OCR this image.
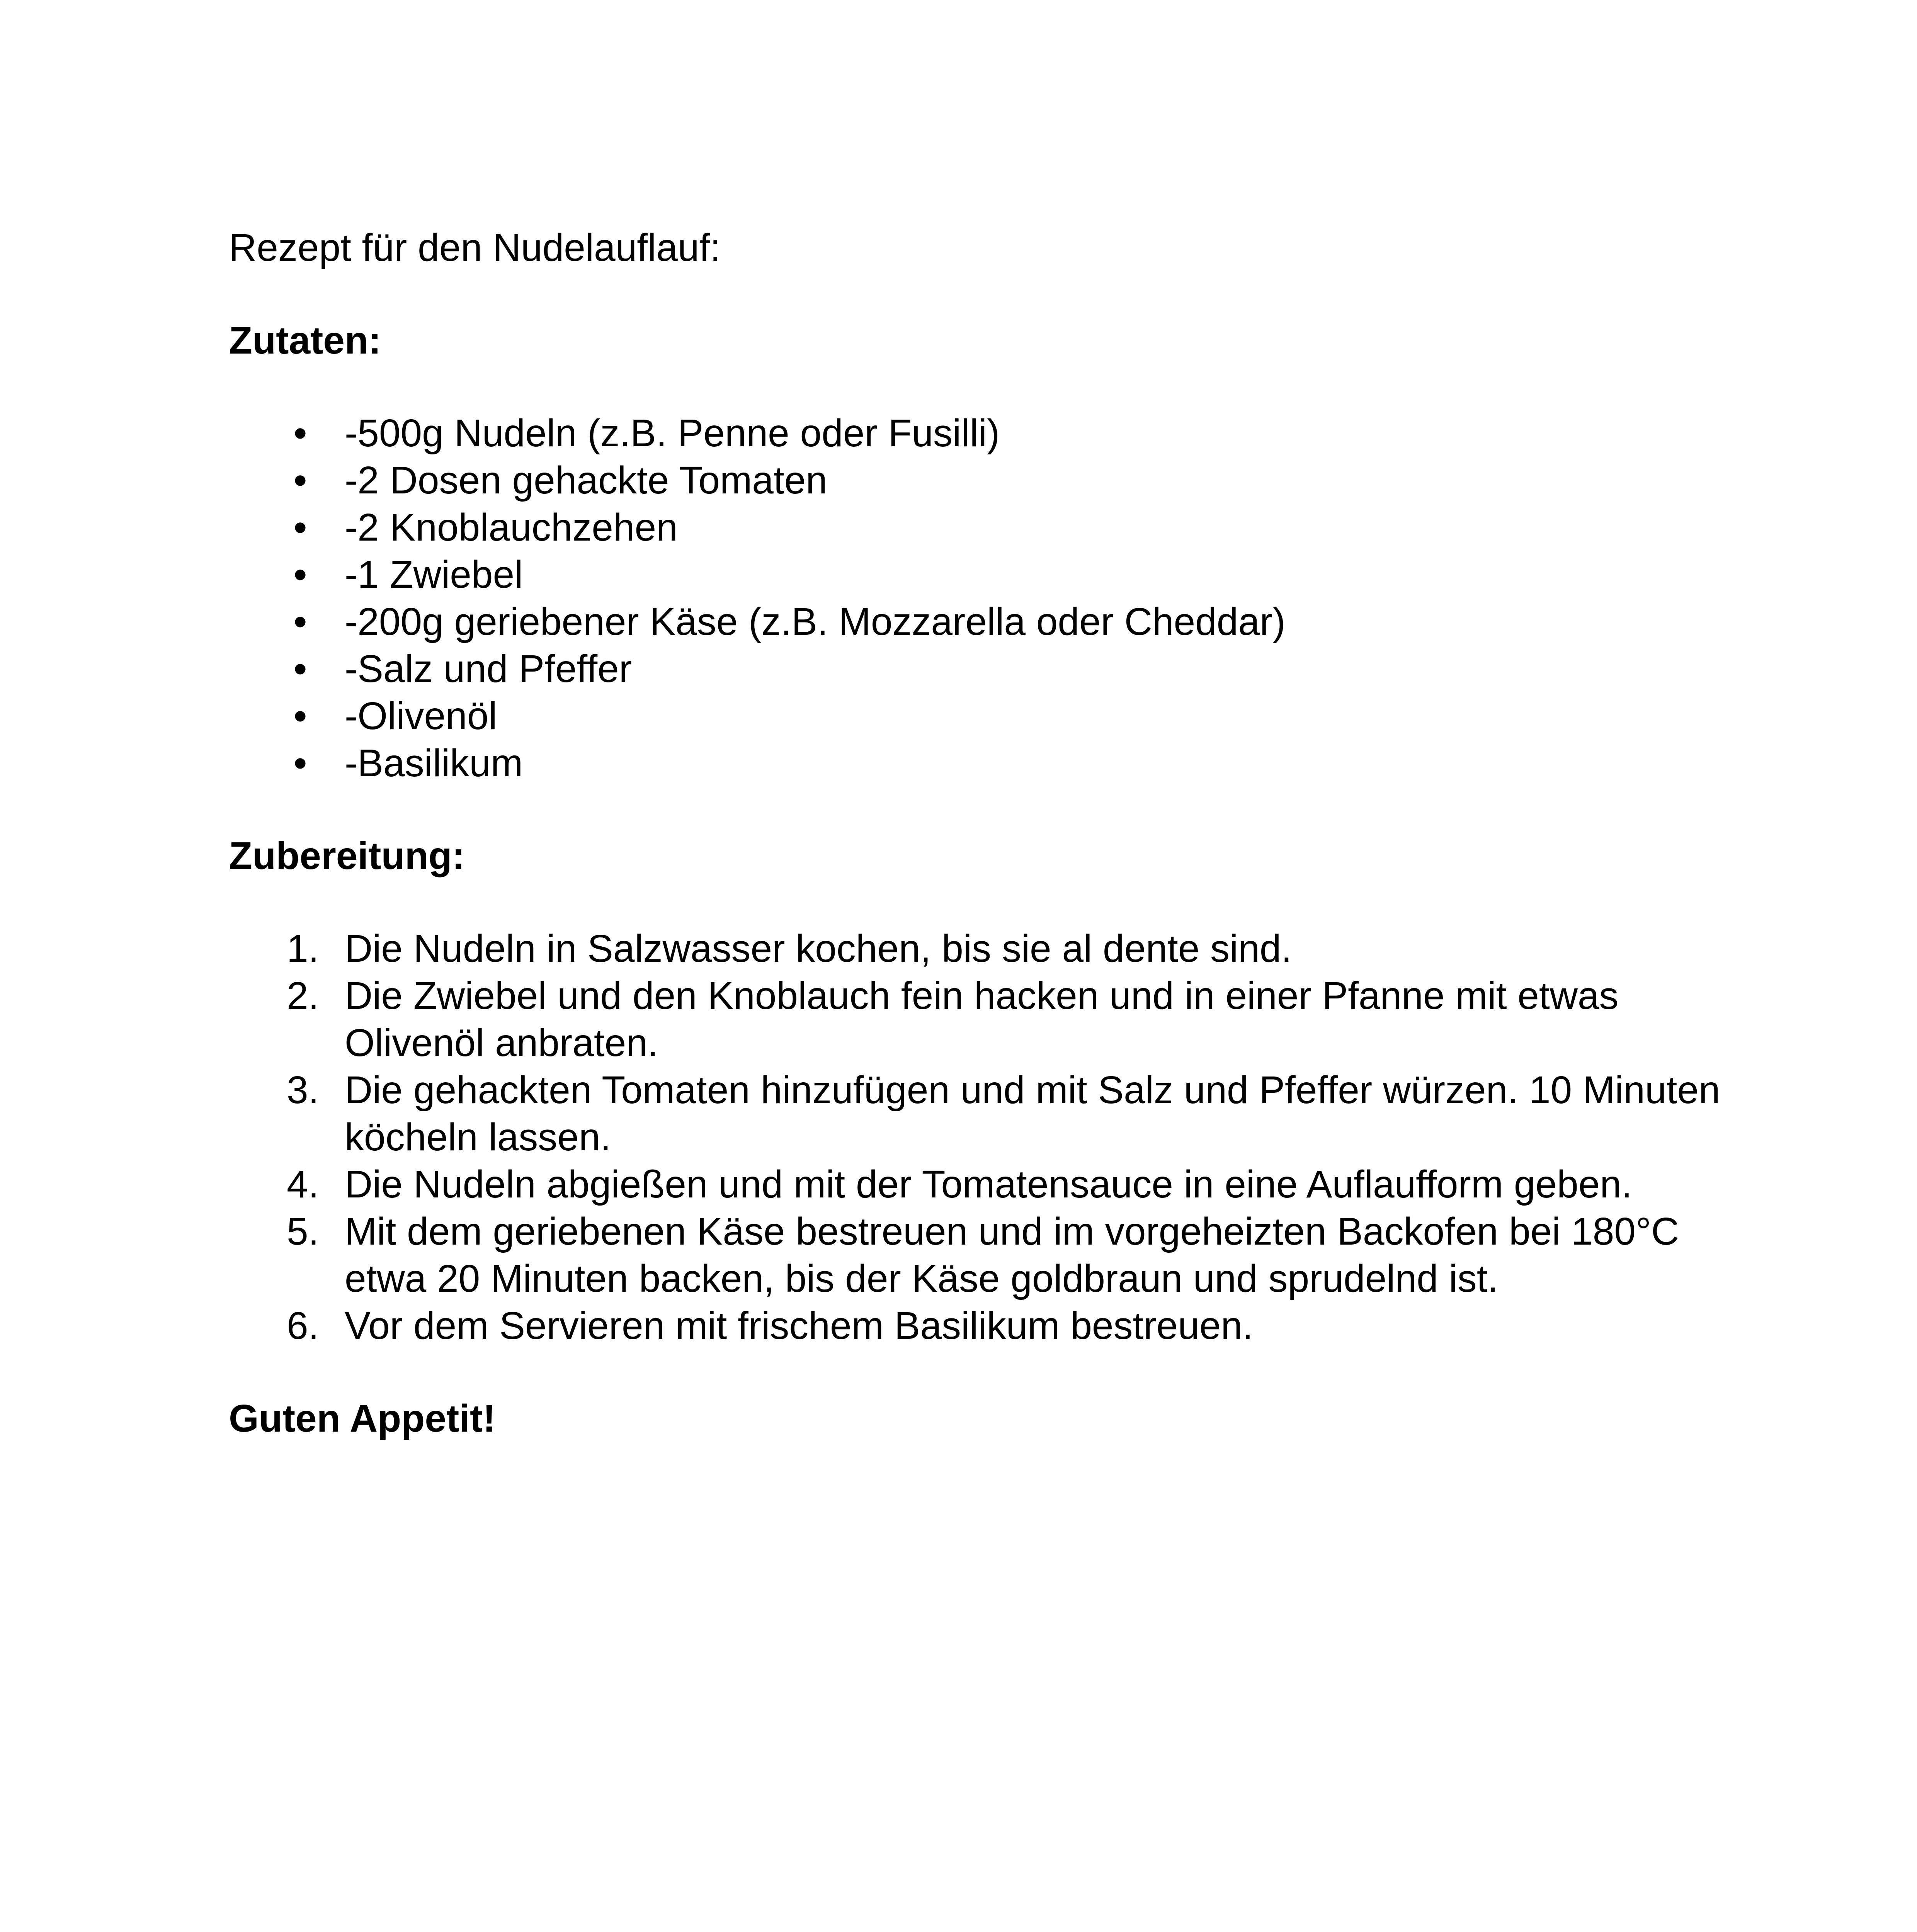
Rezept für den Nudelauflauf:

Zutaten:

• -500g Nudeln (z.B. Penne oder Fusilli)
• -2 Dosen gehackte Tomaten
• -2 Knoblauchzehen
• -1 Zwiebel
• -200g geriebener Käse (z.B. Mozzarella oder Cheddar)
• -Salz und Pfeffer
• -Olivenöl
• -Basilikum

Zubereitung:

1. Die Nudeln in Salzwasser kochen, bis sie al dente sind.
2. Die Zwiebel und den Knoblauch fein hacken und in einer Pfanne mit etwas Olivenöl anbraten.
3. Die gehackten Tomaten hinzufügen und mit Salz und Pfeffer würzen. 10 Minuten köcheln lassen.
4. Die Nudeln abgießen und mit der Tomatensauce in eine Auflaufform geben.
5. Mit dem geriebenen Käse bestreuen und im vorgeheizten Backofen bei 180°C etwa 20 Minuten backen, bis der Käse goldbraun und sprudelnd ist.
6. Vor dem Servieren mit frischem Basilikum bestreuen.

Guten Appetit!
